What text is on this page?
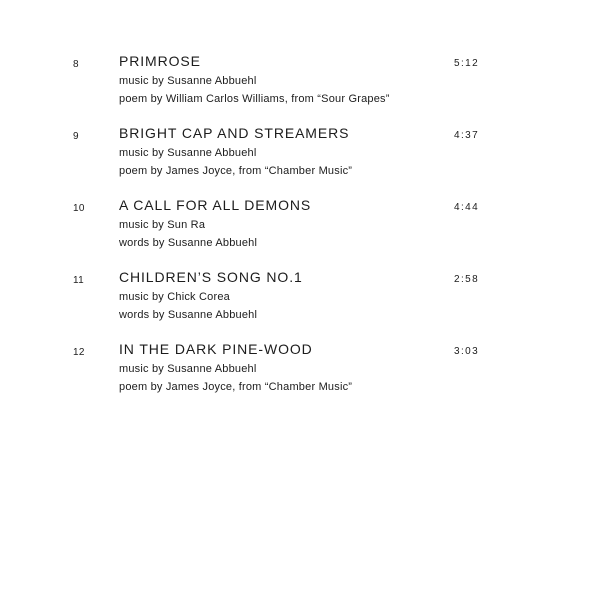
8	PRIMROSE	5:12
music by Susanne Abbuehl
poem by William Carlos Williams, from “Sour Grapes”
9	BRIGHT CAP AND STREAMERS	4:37
music by Susanne Abbuehl
poem by James Joyce, from “Chamber Music”
10	A CALL FOR ALL DEMONS	4:44
music by Sun Ra
words by Susanne Abbuehl
11	CHILDREN’S SONG NO.1	2:58
music by Chick Corea
words by Susanne Abbuehl
12	IN THE DARK PINE-WOOD	3:03
music by Susanne Abbuehl
poem by James Joyce, from “Chamber Music”
